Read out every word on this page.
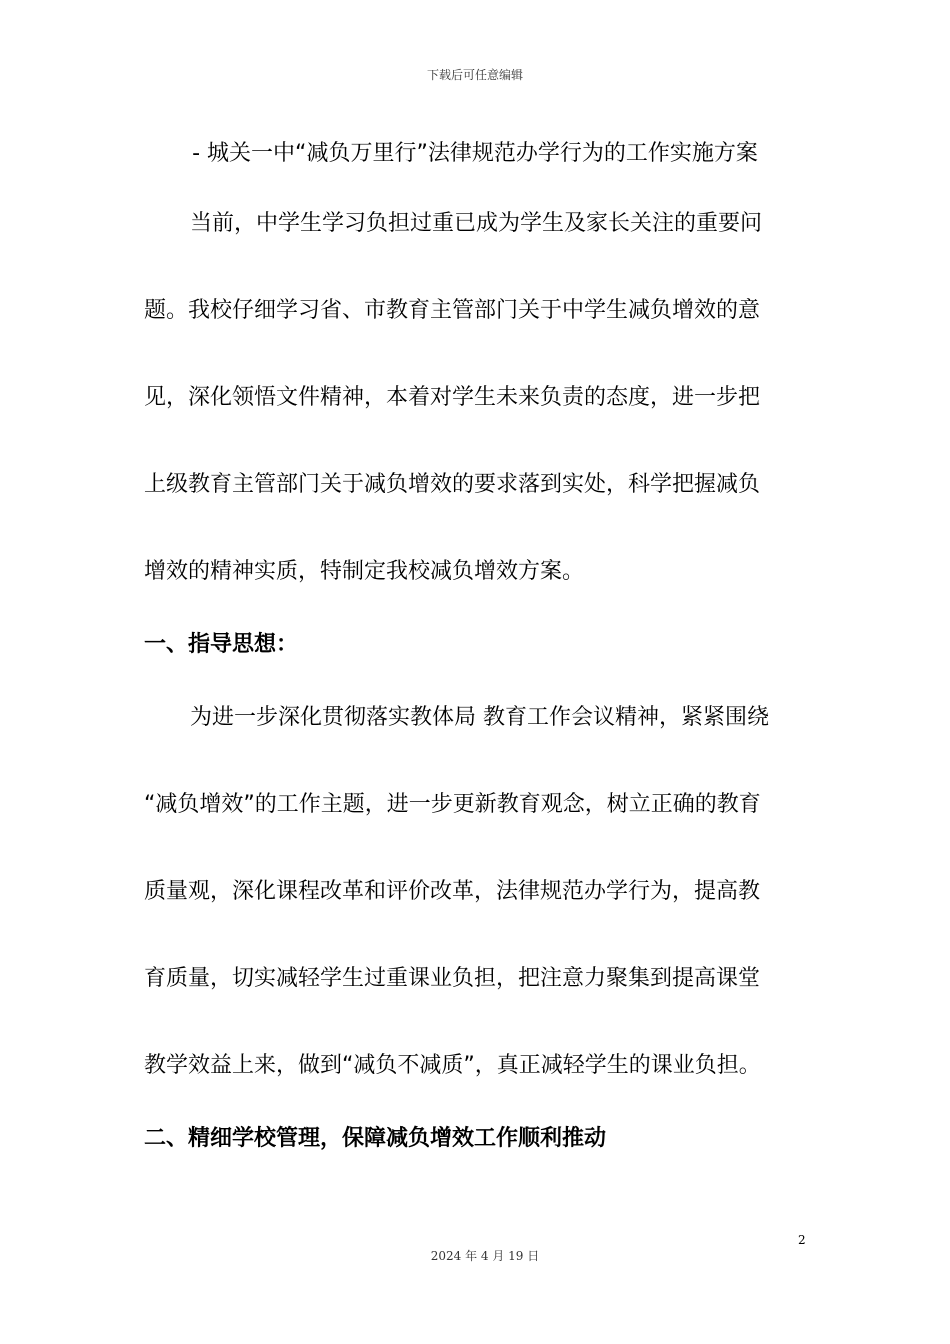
下载后可任意编辑
- 城关一中“减负万里行”法律规范办学行为的工作实施方案
当前，中学生学习负担过重已成为学生及家长关注的重要问
题。我校仔细学习省、市教育主管部门关于中学生减负增效的意
见，深化领悟文件精神，本着对学生未来负责的态度，进一步把
上级教育主管部门关于减负增效的要求落到实处，科学把握减负
增效的精神实质，特制定我校减负增效方案。
一、指导思想：
为进一步深化贯彻落实教体局 教育工作会议精神，紧紧围绕
“减负增效”的工作主题，进一步更新教育观念，树立正确的教育
质量观，深化课程改革和评价改革，法律规范办学行为，提高教
育质量，切实减轻学生过重课业负担，把注意力聚集到提高课堂
教学效益上来，做到“减负不减质”，真正减轻学生的课业负担。
二、精细学校管理，保障减负增效工作顺利推动
2
2024 年 4 月 19 日
